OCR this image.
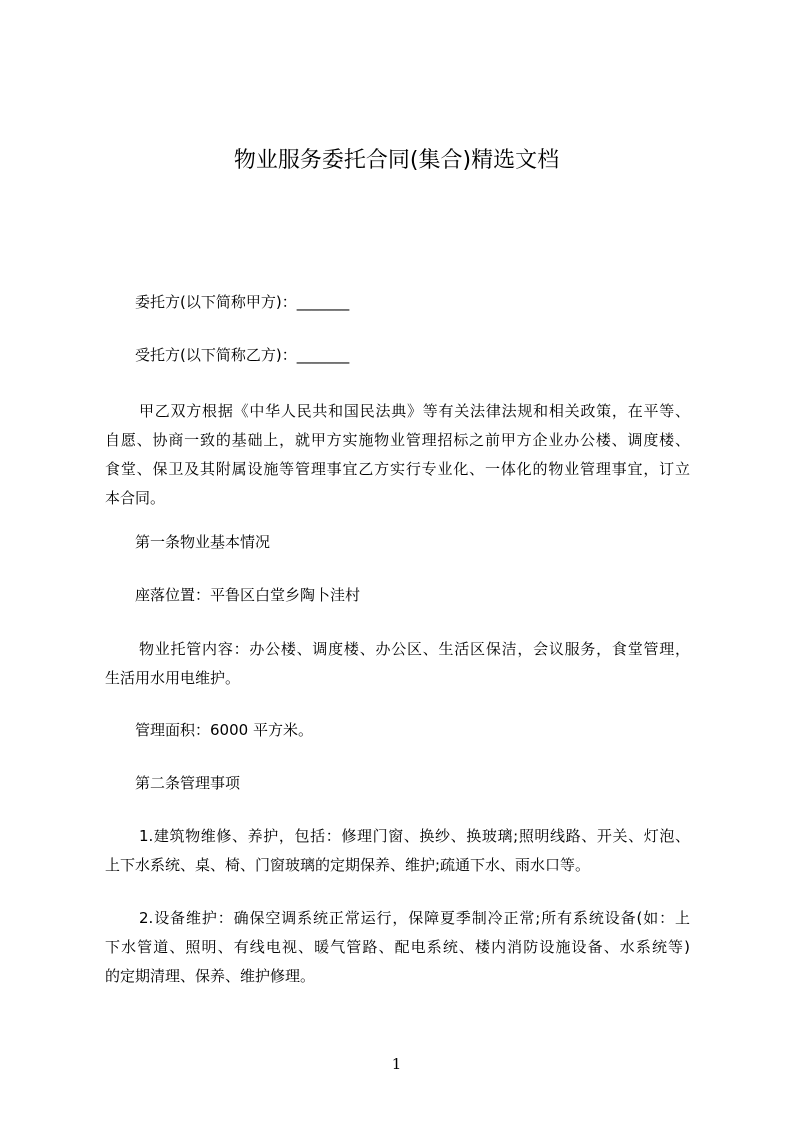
物业服务委托合同(集合)精选文档
委托方(以下简称甲方)：_______
受托方(以下简称乙方)：_______
甲乙双方根据《中华人民共和国民法典》等有关法律法规和相关政策，在平等、
自愿、协商一致的基础上，就甲方实施物业管理招标之前甲方企业办公楼、调度楼、
食堂、保卫及其附属设施等管理事宜乙方实行专业化、一体化的物业管理事宜，订立
本合同。
第一条物业基本情况
座落位置：平鲁区白堂乡陶卜洼村
物业托管内容：办公楼、调度楼、办公区、生活区保洁，会议服务，食堂管理，
生活用水用电维护。
管理面积：6000 平方米。
第二条管理事项
1.建筑物维修、养护，包括：修理门窗、换纱、换玻璃;照明线路、开关、灯泡、
上下水系统、桌、椅、门窗玻璃的定期保养、维护;疏通下水、雨水口等。
2.设备维护：确保空调系统正常运行，保障夏季制冷正常;所有系统设备(如：上
下水管道、照明、有线电视、暖气管路、配电系统、楼内消防设施设备、水系统等)
的定期清理、保养、维护修理。
1
